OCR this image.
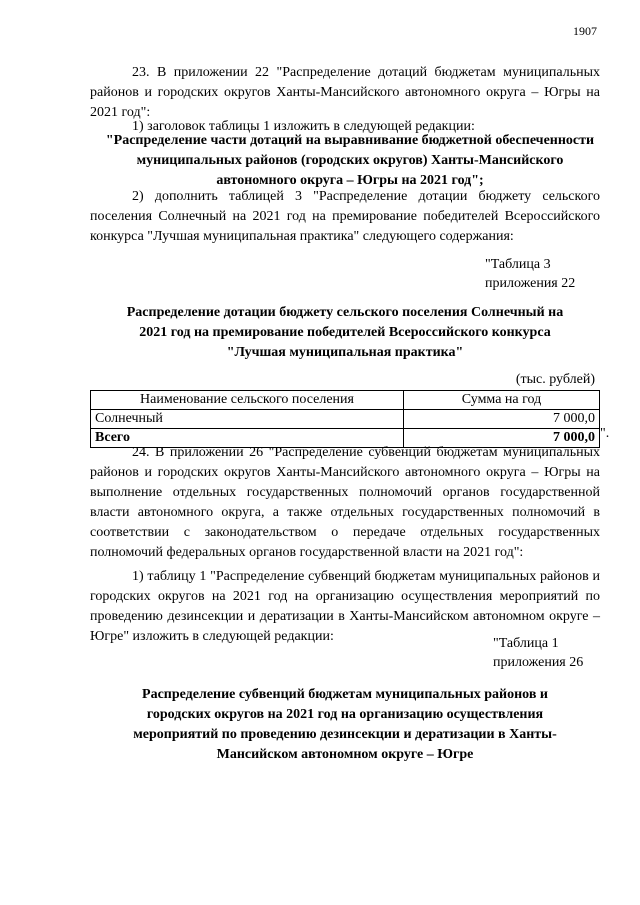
1907
23. В приложении 22 "Распределение дотаций бюджетам муниципальных районов и городских округов Ханты-Мансийского автономного округа – Югры на 2021 год":
1) заголовок таблицы 1 изложить в следующей редакции:
"Распределение части дотаций на выравнивание бюджетной обеспеченности муниципальных районов (городских округов) Ханты-Мансийского автономного округа – Югры на 2021 год";
2) дополнить таблицей 3 "Распределение дотации бюджету сельского поселения Солнечный на 2021 год на премирование победителей Всероссийского конкурса "Лучшая муниципальная практика" следующего содержания:
"Таблица 3
приложения 22
Распределение дотации бюджету сельского поселения Солнечный на 2021 год на премирование победителей Всероссийского конкурса "Лучшая муниципальная практика"
(тыс. рублей)
Наименование сельского поселения	Сумма на год
Солнечный	7 000,0
Всего	7 000,0 ".
24. В приложении 26 "Распределение субвенций бюджетам муниципальных районов и городских округов Ханты-Мансийского автономного округа – Югры на выполнение отдельных государственных полномочий органов государственной власти автономного округа, а также отдельных государственных полномочий в соответствии с законодательством о передаче отдельных государственных полномочий федеральных органов государственной власти на 2021 год":
1) таблицу 1 "Распределение субвенций бюджетам муниципальных районов и городских округов на 2021 год на организацию осуществления мероприятий по проведению дезинсекции и дератизации в Ханты-Мансийском автономном округе – Югре" изложить в следующей редакции:	"Таблица 1
приложения 26
Распределение субвенций бюджетам муниципальных районов и городских округов на 2021 год на организацию осуществления мероприятий по проведению дезинсекции и дератизации в Ханты-Мансийском автономном округе – Югре
